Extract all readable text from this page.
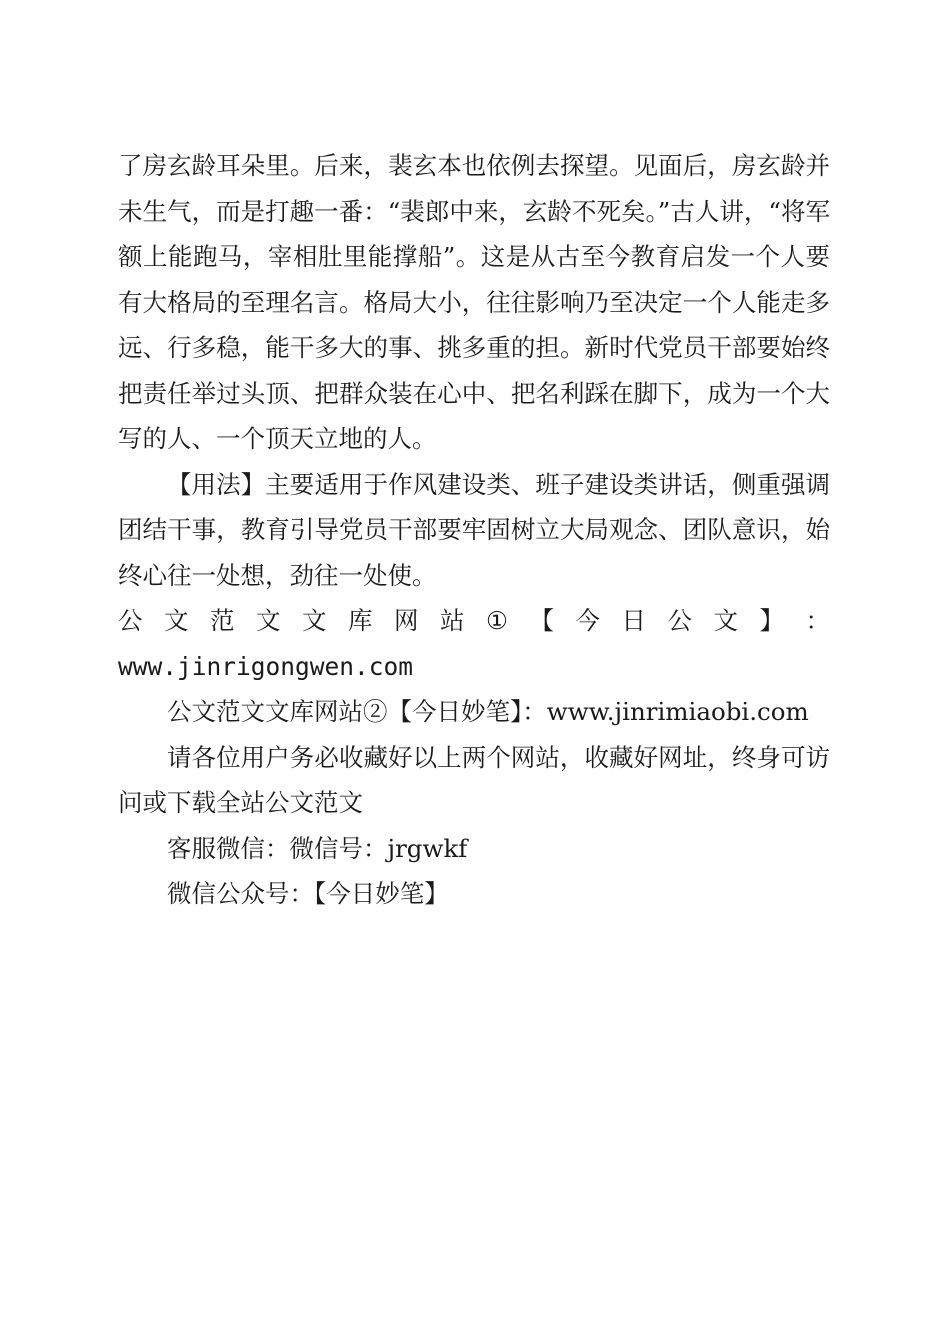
了房玄龄耳朵里。后来，裴玄本也依例去探望。见面后，房玄龄并未生气，而是打趣一番：“裴郎中来，玄龄不死矣。”古人讲，“将军额上能跑马，宰相肚里能撑船”。这是从古至今教育启发一个人要有大格局的至理名言。格局大小，往往影响乃至决定一个人能走多远、行多稳，能干多大的事、挑多重的担。新时代党员干部要始终把责任举过头顶、把群众装在心中、把名利踩在脚下，成为一个大写的人、一个顶天立地的人。

【用法】主要适用于作风建设类、班子建设类讲话，侧重强调团结干事，教育引导党员干部要牢固树立大局观念、团队意识，始终心往一处想，劲往一处使。

公 文 范 文 文 库 网 站 ① 【 今 日 公 文 】 ：

www.jinrigongwen.com

公文范文文库网站②【今日妙笔】：www.jinrimiaobi.com

请各位用户务必收藏好以上两个网站，收藏好网址，终身可访问或下载全站公文范文

客服微信：微信号：jrgwkf

微信公众号：【今日妙笔】
